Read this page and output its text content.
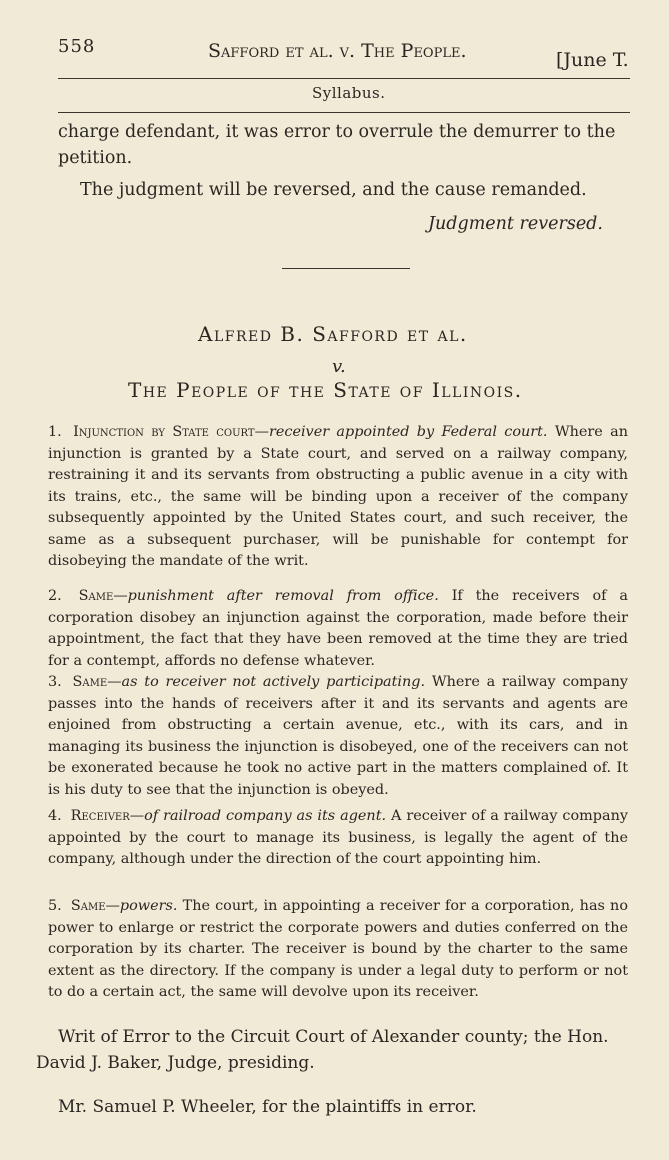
558	Safford et al. v. The People.	[June T.
Syllabus.
charge defendant, it was error to overrule the demurrer to the
petition.
The judgment will be reversed, and the cause remanded.
Judgment reversed.
Alfred B. Safford et al.
v.
The People of the State of Illinois.
1. Injunction by State court—receiver appointed by Federal court. Where an injunction is granted by a State court, and served on a railway company, restraining it and its servants from obstructing a public avenue in a city with its trains, etc., the same will be binding upon a receiver of the company subsequently appointed by the United States court, and such receiver, the same as a subsequent purchaser, will be punishable for contempt for disobeying the mandate of the writ.
2. Same—punishment after removal from office. If the receivers of a corporation disobey an injunction against the corporation, made before their appointment, the fact that they have been removed at the time they are tried for a contempt, affords no defense whatever.
3. Same—as to receiver not actively participating. Where a railway company passes into the hands of receivers after it and its servants and agents are enjoined from obstructing a certain avenue, etc., with its cars, and in managing its business the injunction is disobeyed, one of the receivers can not be exonerated because he took no active part in the matters complained of. It is his duty to see that the injunction is obeyed.
4. Receiver—of railroad company as its agent. A receiver of a railway company appointed by the court to manage its business, is legally the agent of the company, although under the direction of the court appointing him.
5. Same—powers. The court, in appointing a receiver for a corporation, has no power to enlarge or restrict the corporate powers and duties conferred on the corporation by its charter. The receiver is bound by the charter to the same extent as the directory. If the company is under a legal duty to perform or not to do a certain act, the same will devolve upon its receiver.
Writ of Error to the Circuit Court of Alexander county; the Hon. David J. Baker, Judge, presiding.
Mr. Samuel P. Wheeler, for the plaintiffs in error.
